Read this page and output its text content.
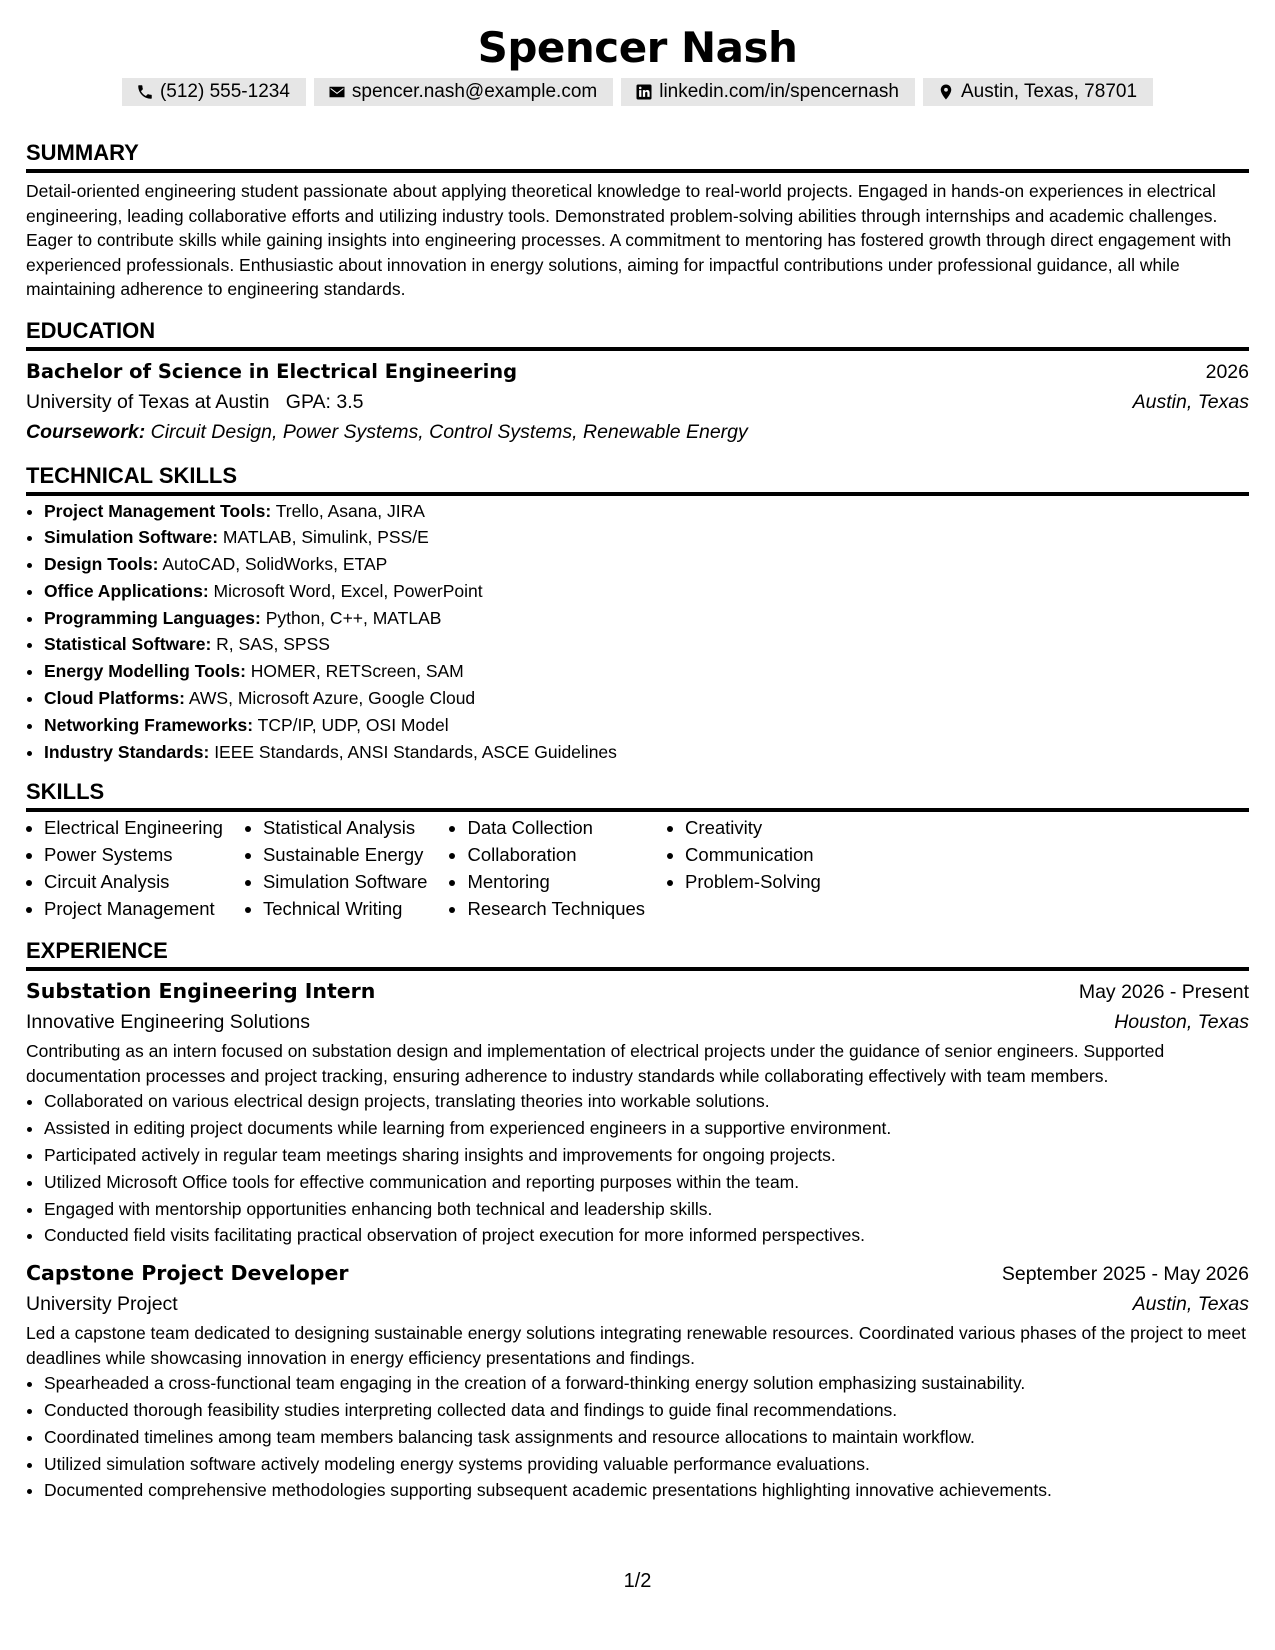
Spencer Nash
(512) 555-1234	spencer.nash@example.com	linkedin.com/in/spencernash	Austin, Texas, 78701
SUMMARY

Detail-oriented engineering student passionate about applying theoretical knowledge to real-world projects. Engaged in hands-on experiences in electrical engineering, leading collaborative efforts and utilizing industry tools. Demonstrated problem-solving abilities through internships and academic challenges. Eager to contribute skills while gaining insights into engineering processes. A commitment to mentoring has fostered growth through direct engagement with experienced professionals. Enthusiastic about innovation in energy solutions, aiming for impactful contributions under professional guidance, all while maintaining adherence to engineering standards.

EDUCATION
Bachelor of Science in Electrical Engineering	2026
University of Texas at Austin GPA: 3.5	Austin, Texas
Coursework: Circuit Design, Power Systems, Control Systems, Renewable Energy
TECHNICAL SKILLS
• Project Management Tools: Trello, Asana, JIRA
• Simulation Software: MATLAB, Simulink, PSS/E
• Design Tools: AutoCAD, SolidWorks, ETAP
• Office Applications: Microsoft Word, Excel, PowerPoint
• Programming Languages: Python, C++, MATLAB
• Statistical Software: R, SAS, SPSS
• Energy Modelling Tools: HOMER, RETScreen, SAM
• Cloud Platforms: AWS, Microsoft Azure, Google Cloud
• Networking Frameworks: TCP/IP, UDP, OSI Model
• Industry Standards: IEEE Standards, ANSI Standards, ASCE Guidelines
SKILLS
• Electrical Engineering
• Power Systems
• Circuit Analysis
• Project Management
• Statistical Analysis
• Sustainable Energy
• Simulation Software
• Technical Writing
• Data Collection
• Collaboration
• Mentoring
• Research Techniques
• Creativity
• Communication
• Problem-Solving
EXPERIENCE
Substation Engineering Intern	May 2026 - Present
Innovative Engineering Solutions	Houston, Texas

Contributing as an intern focused on substation design and implementation of electrical projects under the guidance of senior engineers. Supported documentation processes and project tracking, ensuring adherence to industry standards while collaborating effectively with team members.

• Collaborated on various electrical design projects, translating theories into workable solutions.
• Assisted in editing project documents while learning from experienced engineers in a supportive environment.
• Participated actively in regular team meetings sharing insights and improvements for ongoing projects.
• Utilized Microsoft Office tools for effective communication and reporting purposes within the team.
• Engaged with mentorship opportunities enhancing both technical and leadership skills.
• Conducted field visits facilitating practical observation of project execution for more informed perspectives.
Capstone Project Developer	September 2025 - May 2026
University Project	Austin, Texas

Led a capstone team dedicated to designing sustainable energy solutions integrating renewable resources. Coordinated various phases of the project to meet deadlines while showcasing innovation in energy efficiency presentations and findings.

• Spearheaded a cross-functional team engaging in the creation of a forward-thinking energy solution emphasizing sustainability.
• Conducted thorough feasibility studies interpreting collected data and findings to guide final recommendations.
• Coordinated timelines among team members balancing task assignments and resource allocations to maintain workflow.
• Utilized simulation software actively modeling energy systems providing valuable performance evaluations.
• Documented comprehensive methodologies supporting subsequent academic presentations highlighting innovative achievements.
1/2
